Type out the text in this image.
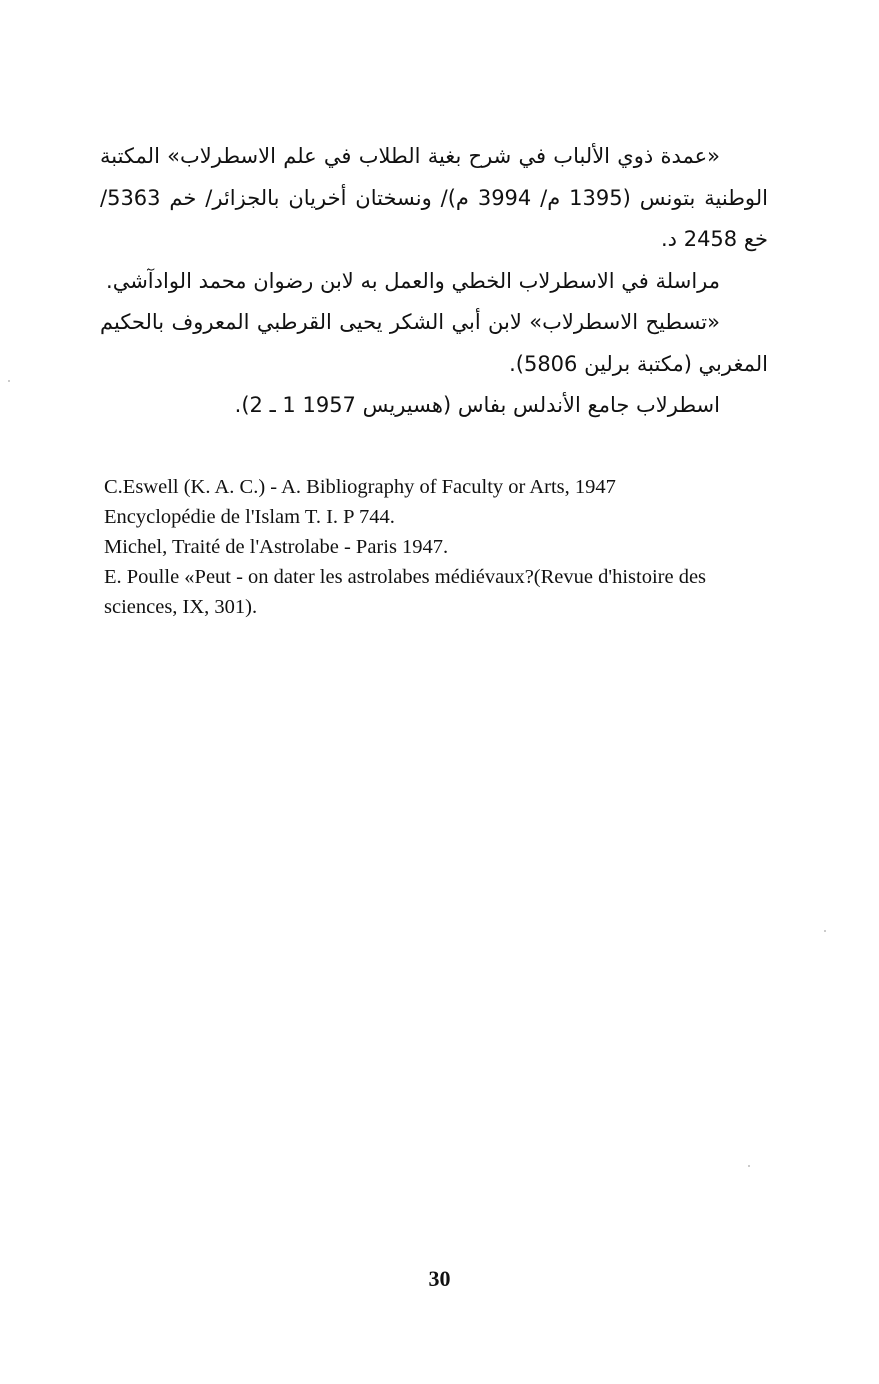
«عمدة ذوي الألباب في شرح بغية الطلاب في علم الاسطرلاب» المكتبة الوطنية بتونس (1395 م/ 3994 م)/ ونسختان أخريان بالجزائر/ خم 5363/ خع 2458 د.

مراسلة في الاسطرلاب الخطي والعمل به لابن رضوان محمد الوادآشي.

«تسطيح الاسطرلاب» لابن أبي الشكر يحيى القرطبي المعروف بالحكيم المغربي (مكتبة برلين 5806).

اسطرلاب جامع الأندلس بفاس (هسيريس 1957 1 ـ 2).

C.Eswell (K. A. C.) - A. Bibliography of Faculty or Arts, 1947

Encyclopédie de l'Islam T. I. P 744.

Michel, Traité de l'Astrolabe - Paris 1947.

E. Poulle «Peut - on dater les astrolabes médiévaux?(Revue d'histoire des sciences, IX, 301).

30
